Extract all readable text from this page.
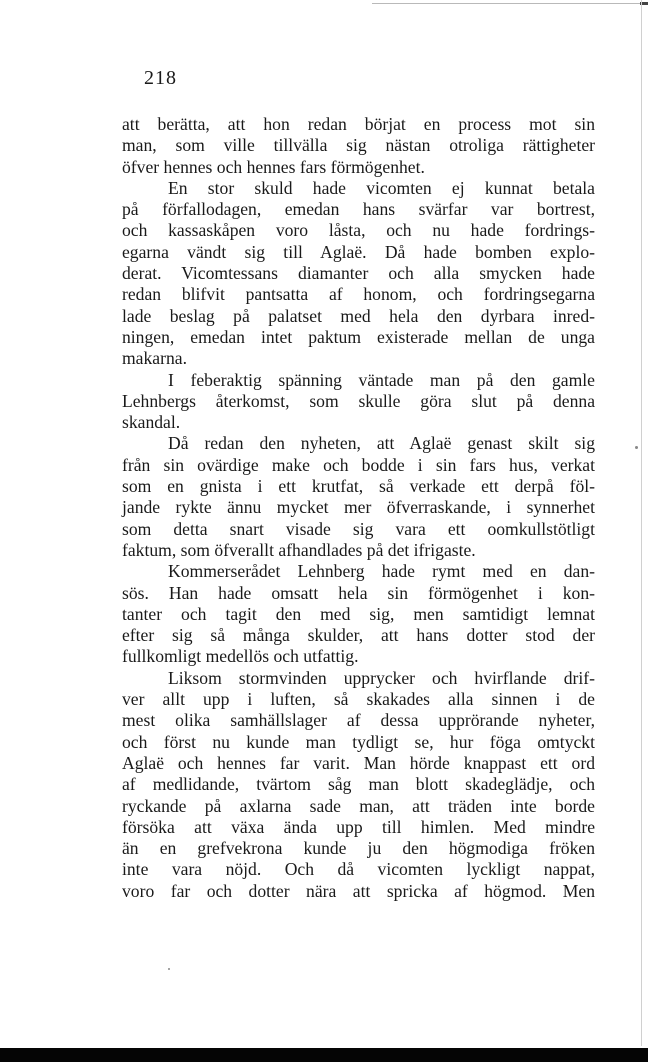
218
att berätta, att hon redan börjat en process mot sin
man, som ville tillvälla sig nästan otroliga rättigheter
öfver hennes och hennes fars förmögenhet.
En stor skuld hade vicomten ej kunnat betala
på förfallodagen, emedan hans svärfar var bortrest,
och kassaskåpen voro låsta, och nu hade fordrings-
egarna vändt sig till Aglaë. Då hade bomben explo-
derat. Vicomtessans diamanter och alla smycken hade
redan blifvit pantsatta af honom, och fordringsegarna
lade beslag på palatset med hela den dyrbara inred-
ningen, emedan intet paktum existerade mellan de unga
makarna.
I feberaktig spänning väntade man på den gamle
Lehnbergs återkomst, som skulle göra slut på denna
skandal.
Då redan den nyheten, att Aglaë genast skilt sig
från sin ovärdige make och bodde i sin fars hus, verkat
som en gnista i ett krutfat, så verkade ett derpå föl-
jande rykte ännu mycket mer öfverraskande, i synnerhet
som detta snart visade sig vara ett oomkullstötligt
faktum, som öfverallt afhandlades på det ifrigaste.
Kommerserådet Lehnberg hade rymt med en dan-
sös. Han hade omsatt hela sin förmögenhet i kon-
tanter och tagit den med sig, men samtidigt lemnat
efter sig så många skulder, att hans dotter stod der
fullkomligt medellös och utfattig.
Liksom stormvinden upprycker och hvirflande drif-
ver allt upp i luften, så skakades alla sinnen i de
mest olika samhällslager af dessa upprörande nyheter,
och först nu kunde man tydligt se, hur föga omtyckt
Aglaë och hennes far varit. Man hörde knappast ett ord
af medlidande, tvärtom såg man blott skadeglädje, och
ryckande på axlarna sade man, att träden inte borde
försöka att växa ända upp till himlen. Med mindre
än en grefvekrona kunde ju den högmodiga fröken
inte vara nöjd. Och då vicomten lyckligt nappat,
voro far och dotter nära att spricka af högmod. Men
